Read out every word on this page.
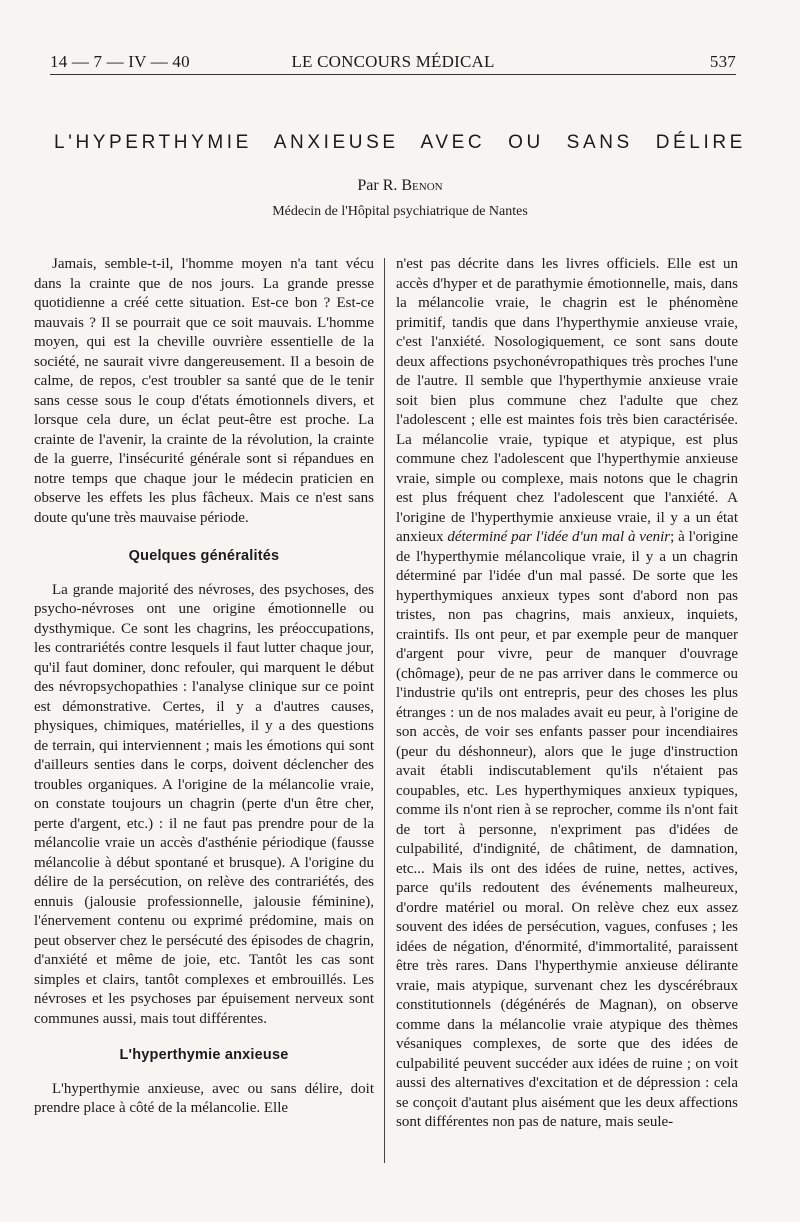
14 — 7 — IV — 40	LE CONCOURS MÉDICAL	537
L'HYPERTHYMIE ANXIEUSE AVEC OU SANS DÉLIRE
Par R. Benon
Médecin de l'Hôpital psychiatrique de Nantes

Jamais, semble-t-il, l'homme moyen n'a tant vécu dans la crainte que de nos jours. La grande presse quotidienne a créé cette situation. Est-ce bon ? Est-ce mauvais ? Il se pourrait que ce soit mauvais. L'homme moyen, qui est la cheville ouvrière essentielle de la société, ne saurait vivre dangereusement. Il a besoin de calme, de repos, c'est troubler sa santé que de le tenir sans cesse sous le coup d'états émotionnels divers, et lorsque cela dure, un éclat peut-être est proche. La crainte de l'avenir, la crainte de la révolution, la crainte de la guerre, l'insécurité générale sont si répandues en notre temps que chaque jour le médecin praticien en observe les effets les plus fâcheux. Mais ce n'est sans doute qu'une très mauvaise période.

Quelques généralités

La grande majorité des névroses, des psychoses, des psycho-névroses ont une origine émotionnelle ou dysthymique. Ce sont les chagrins, les préoccupations, les contrariétés contre lesquels il faut lutter chaque jour, qu'il faut dominer, donc refouler, qui marquent le début des névropsychopathies : l'analyse clinique sur ce point est démonstrative. Certes, il y a d'autres causes, physiques, chimiques, matérielles, il y a des questions de terrain, qui interviennent ; mais les émotions qui sont d'ailleurs senties dans le corps, doivent déclencher des troubles organiques. A l'origine de la mélancolie vraie, on constate toujours un chagrin (perte d'un être cher, perte d'argent, etc.) : il ne faut pas prendre pour de la mélancolie vraie un accès d'asthénie périodique (fausse mélancolie à début spontané et brusque). A l'origine du délire de la persécution, on relève des contrariétés, des ennuis (jalousie professionnelle, jalousie féminine), l'énervement contenu ou exprimé prédomine, mais on peut observer chez le persécuté des épisodes de chagrin, d'anxiété et même de joie, etc. Tantôt les cas sont simples et clairs, tantôt complexes et embrouillés. Les névroses et les psychoses par épuisement nerveux sont communes aussi, mais tout différentes.

L'hyperthymie anxieuse

L'hyperthymie anxieuse, avec ou sans délire, doit prendre place à côté de la mélancolie. Elle

n'est pas décrite dans les livres officiels. Elle est un accès d'hyper et de parathymie émotionnelle, mais, dans la mélancolie vraie, le chagrin est le phénomène primitif, tandis que dans l'hyperthymie anxieuse vraie, c'est l'anxiété. Nosologiquement, ce sont sans doute deux affections psychonévropathiques très proches l'une de l'autre. Il semble que l'hyperthymie anxieuse vraie soit bien plus commune chez l'adulte que chez l'adolescent ; elle est maintes fois très bien caractérisée. La mélancolie vraie, typique et atypique, est plus commune chez l'adolescent que l'hyperthymie anxieuse vraie, simple ou complexe, mais notons que le chagrin est plus fréquent chez l'adolescent que l'anxiété. A l'origine de l'hyperthymie anxieuse vraie, il y a un état anxieux déterminé par l'idée d'un mal à venir; à l'origine de l'hyperthymie mélancolique vraie, il y a un chagrin déterminé par l'idée d'un mal passé. De sorte que les hyperthymiques anxieux types sont d'abord non pas tristes, non pas chagrins, mais anxieux, inquiets, craintifs. Ils ont peur, et par exemple peur de manquer d'argent pour vivre, peur de manquer d'ouvrage (chômage), peur de ne pas arriver dans le commerce ou l'industrie qu'ils ont entrepris, peur des choses les plus étranges : un de nos malades avait eu peur, à l'origine de son accès, de voir ses enfants passer pour incendiaires (peur du déshonneur), alors que le juge d'instruction avait établi indiscutablement qu'ils n'étaient pas coupables, etc. Les hyperthymiques anxieux typiques, comme ils n'ont rien à se reprocher, comme ils n'ont fait de tort à personne, n'expriment pas d'idées de culpabilité, d'indignité, de châtiment, de damnation, etc... Mais ils ont des idées de ruine, nettes, actives, parce qu'ils redoutent des événements malheureux, d'ordre matériel ou moral. On relève chez eux assez souvent des idées de persécution, vagues, confuses ; les idées de négation, d'énormité, d'immortalité, paraissent être très rares. Dans l'hyperthymie anxieuse délirante vraie, mais atypique, survenant chez les dyscérébraux constitutionnels (dégénérés de Magnan), on observe comme dans la mélancolie vraie atypique des thèmes vésaniques complexes, de sorte que des idées de culpabilité peuvent succéder aux idées de ruine ; on voit aussi des alternatives d'excitation et de dépression : cela se conçoit d'autant plus aisément que les deux affections sont différentes non pas de nature, mais seule-
